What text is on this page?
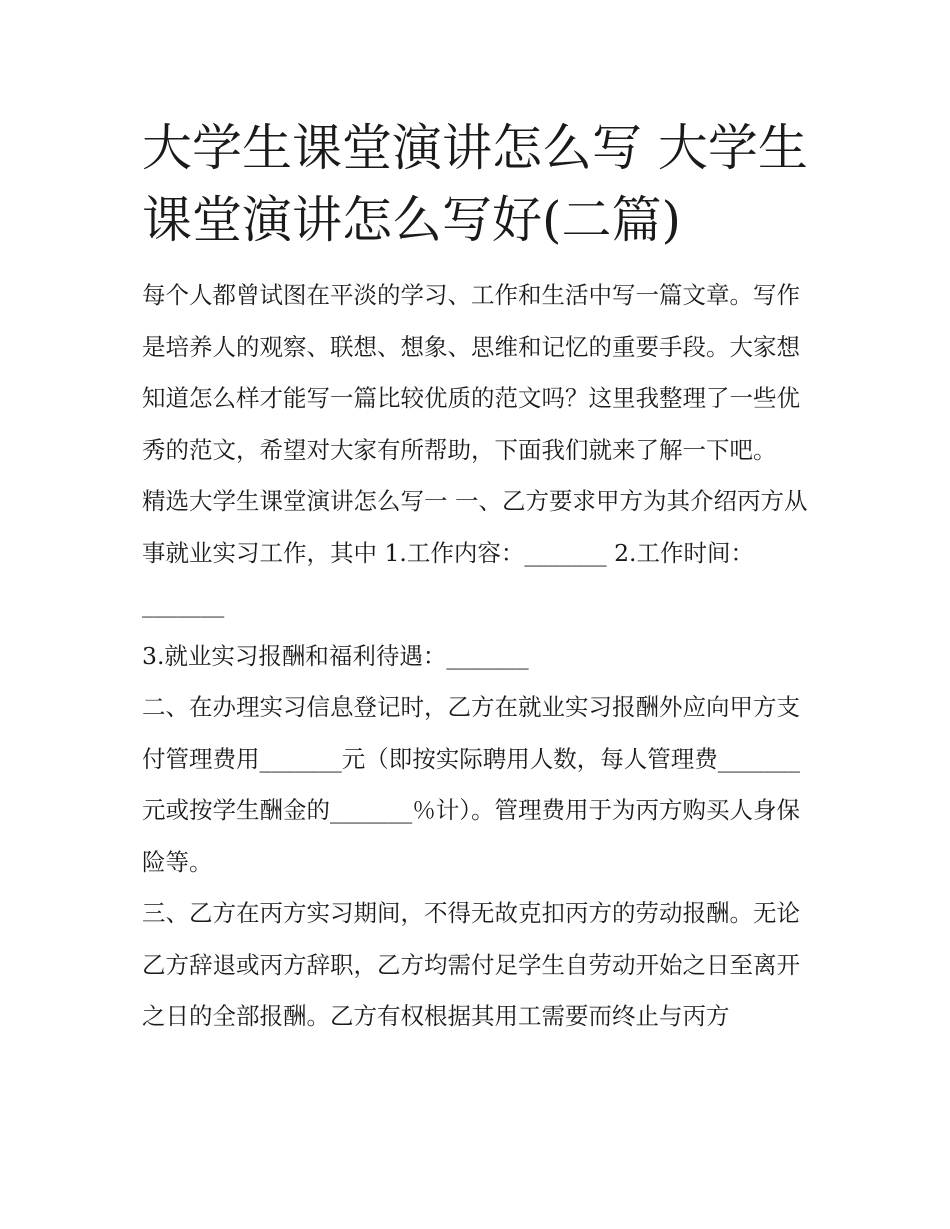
大学生课堂演讲怎么写 大学生课堂演讲怎么写好(二篇)

每个人都曾试图在平淡的学习、工作和生活中写一篇文章。写作是培养人的观察、联想、想象、思维和记忆的重要手段。大家想知道怎么样才能写一篇比较优质的范文吗？这里我整理了一些优秀的范文，希望对大家有所帮助，下面我们就来了解一下吧。

精选大学生课堂演讲怎么写一 一、乙方要求甲方为其介绍丙方从事就业实习工作，其中 1.工作内容：_______ 2.工作时间：_______

3.就业实习报酬和福利待遇：_______

二、在办理实习信息登记时，乙方在就业实习报酬外应向甲方支付管理费用_______元（即按实际聘用人数，每人管理费_______元或按学生酬金的_______％计）。管理费用于为丙方购买人身保险等。

三、乙方在丙方实习期间，不得无故克扣丙方的劳动报酬。无论乙方辞退或丙方辞职，乙方均需付足学生自劳动开始之日至离开之日的全部报酬。乙方有权根据其用工需要而终止与丙方
